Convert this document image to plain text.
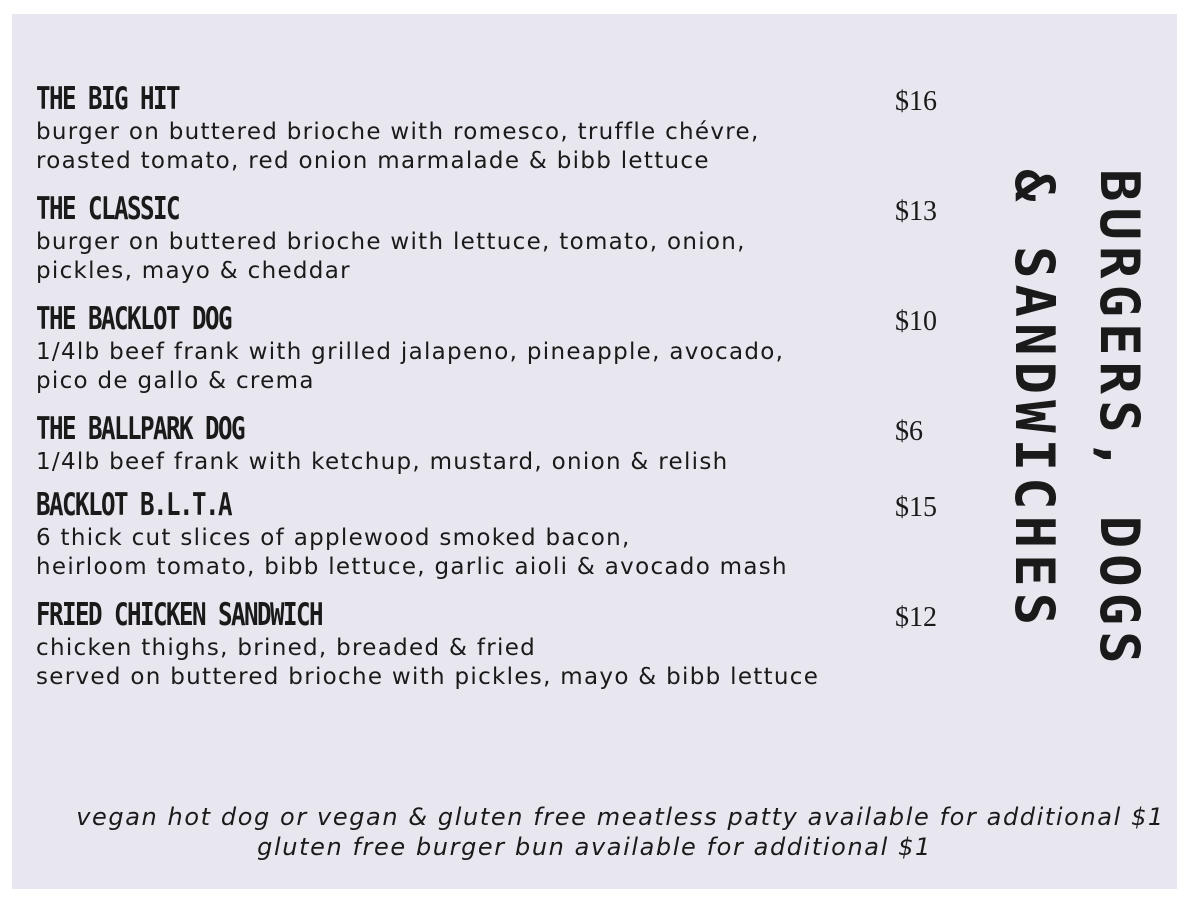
THE BIG HIT	$16
burger on buttered brioche with romesco, truffle chévre,
roasted tomato, red onion marmalade & bibb lettuce
THE CLASSIC	$13
burger on buttered brioche with lettuce, tomato, onion,
pickles, mayo & cheddar
THE BACKLOT DOG	$10
1/4lb beef frank with grilled jalapeno, pineapple, avocado,
pico de gallo & crema
THE BALLPARK DOG	$6
1/4lb beef frank with ketchup, mustard, onion & relish
BACKLOT B.L.T.A	$15
6 thick cut slices of applewood smoked bacon,
heirloom tomato, bibb lettuce, garlic aioli & avocado mash
FRIED CHICKEN SANDWICH	$12
chicken thighs, brined, breaded & fried
served on buttered brioche with pickles, mayo & bibb lettuce
BURGERS, DOGS
& SANDWICHES
vegan hot dog or vegan & gluten free meatless patty available for additional $1
gluten free burger bun available for additional $1
